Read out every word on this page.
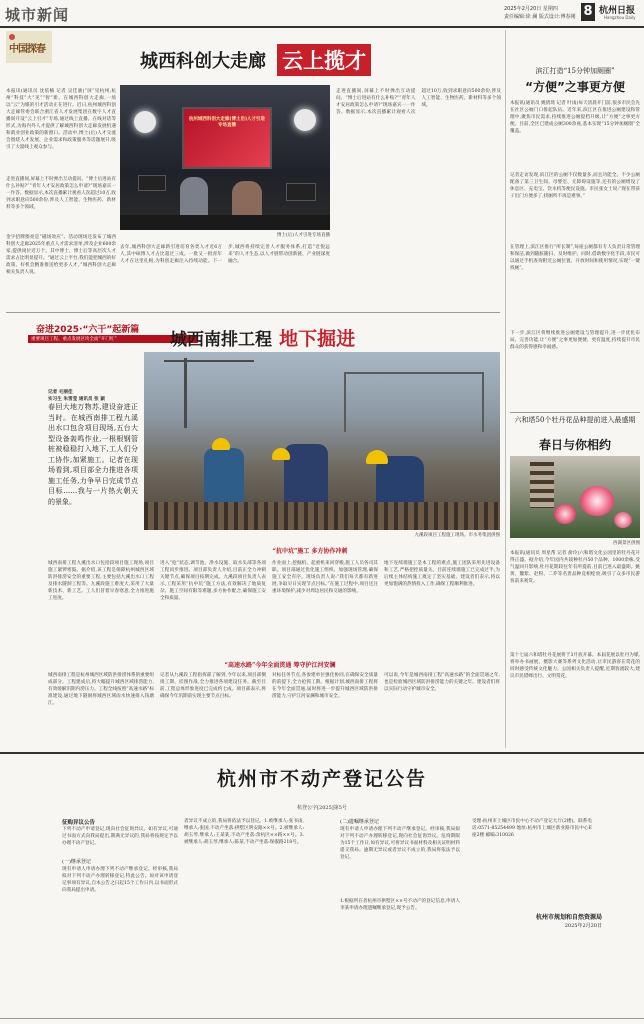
城市新闻	2025年2月20日 星期四
责任编辑:徐 澜 版式设计:傅春刚 8 杭州日报
Hangzhou Daily
中国探春
城西科创大走廊 云上揽才
本报讯(通讯员 沈依楠 记者 吴佳骏)“屏”见杭州,杭州“科技”大“见”“智”新。在城西科创大走廊,一场以“云”为媒的引才活动正在进行。近日,杭州城西科创大走廊管委会联合浙江省人才发展集团在数字人才直播间开设“云上引才”专场,通过线上直播、在线对话等形式,为海内外人才提供了解城西科创大走廊发展机遇和就业创业政策的新窗口。活动中,博士(后)人才交流会围绕人才发展、企业需求和政策服务等话题展开,吸引了大量线上观众参与。
走进直播间,屏幕上不时弹出互动提问。“博士后进站有什么补贴?”“青年人才安居政策怎么申请?”现场嘉宾一一作答。数据显示,本次直播累计观看人次超过10万,收到求职意向500余份,涉及人工智能、生物医药、新材料等多个领域。
金字招牌擦亮是“磁场效应”。活动现场还发布了城西科创大走廊2025年重点人才需求清单,涉及企业600余家,提供岗位近万个。其中博士、博士后等高层次人才需求占比明显提升。“通过云上平台,我们能把城西的好政策、好机会精准推送给更多人才。”城西科创大走廊相关负责人说。
杭州城西科创大走廊(博士后)人才引进专场直播
博士(后)人才引进专场直播
去年,城西科创大走廊新引进培育各类人才近6万人,其中硕博人才占比超过三成。一批又一批青年人才在这里扎根,为科创走廊注入持续动能。下一步,城西将持续完善人才服务体系,打造“近悦远来”的人才生态,以人才链带动创新链、产业链深度融合。
走进直播间,屏幕上不时弹出互动提问。“博士后进站有什么补贴?”“青年人才安居政策怎么申请?”现场嘉宾一一作答。数据显示,本次直播累计观看人次超过10万,收到求职意向500余份,涉及人工智能、生物医药、新材料等多个领域。
奋进2025·“六干”起新篇
重要项目工程、重点发展区块全面“开门红”	城西南排工程 地下掘进

记者 毛丽佳
实习生 朱雪莹 通讯员 张 颖

春回大地万物苏,建设奋进正当时。在城西南排工程九溪出水口包含项目现场,五台大型设备轰鸣作业,一根根钢管桩被稳稳打入地下,工人们分工协作,加紧施工。记者在现场看到,项目部全力推进各项施工任务,力争早日完成节点目标……我与一片热火朝天的景象。
九溪段项目工程施工现场。市水务集团供图
“抗中坑”施工 多方协作冲刺
城西南排工程九溪出水口包括段项目施工现场,项目施工紧锣密鼓。据介绍,该工程是保障杭州城西区域防洪排涝安全的重要工程,主要包括九溪出水口工程及排水隧洞工程等。九溪段施工难度大,采用了大量新技术、新工艺。工人们冒着早春寒意,全力推进施工进度。
进入“抢”状态,调节池、净水设施、取水头部等各项工程同步推进。项目部负责人介绍,目前正全力冲刺关键节点,确保项目按期完成。九溪段项目负责人表示,工程采用“抗中坑”施工方法,有效解决了地质复杂、施工空间有限等难题,多方协作配合,确保施工安全和质量。
作业面上,挖掘机、起重机来回穿梭,施工人员各司其职。项目部通过优化施工组织、加强现场管理,确保施工安全有序。现场负责人说:“我们每天都有新进展,争取早日实现节点目标。”在施工过程中,项目还注重环境保护,减少对周边居民和交通的影响。
地下连续墙施工是本工程的难点,施工团队采用先进设备和工艺,严格把控质量关。目前连续墙施工已完成过半,为后续主体结构施工奠定了坚实基础。建设者们表示,将以更加饱满的热情投入工作,确保工程顺利推进。
“高速水路”今年全面贯通 筹守护江河安澜
城西南排工程是杭州城西区域防洪排涝体系的重要组成部分。工程建成后,将大幅提升城西区域排涝能力,有效缓解汛期内涝压力。工程全线按照“高速水路”标准建设,通过地下隧洞将城西区域雨水快速排入钱塘江。
记者从九溪段工程指挥部了解到,今年以来,项目部倒排工期、挂图作战,全力推进各项建设任务。截至目前,工程总体形象进度已完成约七成。项目部表示,将确保今年汛期前实现主要节点目标。
对标任务节点,各参建单位强化协同,在确保安全质量的前提下,全力抢抓工期。根据计划,城西南排工程将在今年全面贯通,届时将进一步提升城西区域防洪排涝能力,守护江河安澜和城市安全。
可以说,今年是城西南排工程“高速水路”的全面贯通之年,也是检验城西区域防洪排涝能力的关键之年。建设者们将以实际行动守护城市安全。
滨江打造“15分钟加厕圈”
“方便”之事更方便
本报讯(通讯员 姚倩琦 记者 叶雨)每天清晨开门前,很多市民会先在社区公厕门口排起队伍。近年来,滨江区在推进公厕建设和管理中,聚焦市民需求,持续推进公厕提档升级,让“方便”之事更方便。目前,全区已建成公厕300余座,基本实现“15分钟加厕圈”全覆盖。
记者走访发现,滨江区的公厕不仅数量多,而且功能全。不少公厕配备了第三卫生间、母婴室、无障碍设施等,还有的公厕增设了休息区、充电宝、饮水机等便民设施。市民张女士说:“现在带孩子出门方便多了,找厕所不再是难事。”
在管理上,滨江区推行“所长制”,每座公厕都有专人负责日常管理和保洁,做到随脏随扫、及时维护。同时,借助数字化手段,市民可以通过手机查询附近公厕位置、开放时间和使用情况,实现“一键找厕”。
下一步,滨江区将继续推进公厕建设与管理提升,进一步优化布局、完善功能,让“方便”之事更加便捷、更有温度,持续提升市民群众的获得感和幸福感。
六和塔50个牡丹花品种提前进入最盛期
春日与你相约
西湖景区供图
本报讯(通讯员 周星帮 记者 俞玲)六和塔文化公园里的牡丹花开得正盛。据介绍,今年园内共栽种牡丹50个品种、1000余株,受气温回升影响,牡丹花期较往年有所提前,目前已进入最盛期。姚黄、魏紫、赵粉、二乔等名贵品种竞相绽放,吸引了众多市民游客前来观赏。
第十七届六和塔牡丹花展将于3月底开幕。本届花展以牡丹为媒,将举办书画展、摄影大赛等系列文化活动,让市民游客在赏花的同时感受传统文化魅力。公园相关负责人提醒,近期客流较大,建议市民错峰出行、文明赏花。
杭州市不动产登记公告
杭登公字[2025]第5号
征购异议公告
下列不动产申请登记,现向社会征询异议。如有异议,可通过书面方式向我局提出,期满无异议的,我局将按规定予以办理不动产登记。
(一)继承登记
现有申请人申请办理下列不动产继承登记。经审核,我局拟对下列不动产办理转移登记,特此公告。如对该申请登记事项有异议,自本公告之日起15个工作日内,以书面形式向我局提出申请。
者异议不成立的,我局将依法予以登记。1.被继承人:张书雨,继承人:张国,不动产坐落:拱墅区明安路××号。2.被继承人:胡玉琴,继承人:王某某,不动产坐落:余杭区××路××号。3.被继承人:胡玉琴,继承人:陈某,不动产坐落:保俶路218号。
(二)遗嘱继承登记
现有申请人申请办理下列不动产继承登记。经审核,我局拟对下列不动产办理转移登记,现向社会征询异议。征询期限为15个工作日,如有异议,可将异议书面材料及相关证明材料提交我局。逾期无异议或者异议不成立的,我局将依法予以登记。
1.根据所在者杭州市拱墅区××号不动产的登记信息,申请人李某申请办理遗嘱继承登记,现予公告。
受理:杭州市上城区市民中心不动产登记大厅(2楼)。联系电话:0571-85254499 地址:杭州市上城区新业路市民中心E座2楼 邮编:310026
杭州市规划和自然资源局
2025年2月20日
